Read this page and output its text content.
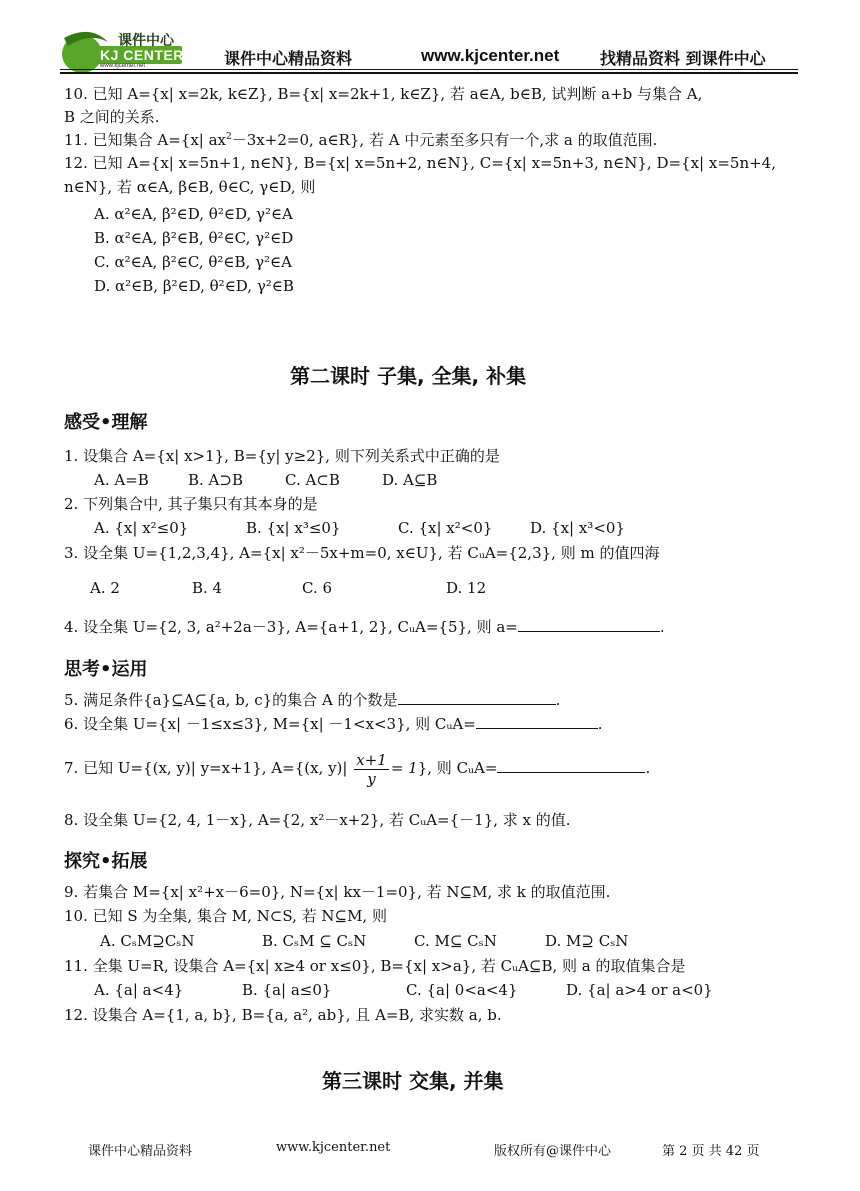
课件中心
KJ CENTER
www.kjcenter.net	课件中心精品资料	www.kjcenter.net	找精品资料 到课件中心
10. 已知 A={x| x=2k, k∈Z}, B={x| x=2k+1, k∈Z}, 若 a∈A, b∈B, 试判断 a+b 与集合 A,
B 之间的关系.
11. 已知集合 A={x| $ax^2-3x+2=0$, a∈R}, 若 A 中元素至多只有一个,求 a 的取值范围.
12. 已知 A={x| x=5n+1, n∈N}, B={x| x=5n+2, n∈N}, C={x| x=5n+3, n∈N}, D={x| x=5n+4,
n∈N}, 若 α∈A, β∈B, θ∈C, γ∈D, 则
A. α²∈A, β²∈D, θ²∈D, γ²∈A
B. α²∈A, β²∈B, θ²∈C, γ²∈D
C. α²∈A, β²∈C, θ²∈B, γ²∈A
D. α²∈B, β²∈D, θ²∈D, γ²∈B
第二课时 子集, 全集, 补集
感受•理解
1. 设集合 A={x| x>1}, B={y| y≥2}, 则下列关系式中正确的是
A. A=B	B. A⊃B	C. A⊂B	D. A⊆B
2. 下列集合中, 其子集只有其本身的是
A. {x| x²≤0}	B. {x| x³≤0}	C. {x| x²<0}	D. {x| x³<0}
3. 设全集 U={1,2,3,4}, A={x| x²－5x+m=0, x∈U}, 若 CᵤA={2,3}, 则 m 的值四海
A. 2	B. 4	C. 6	D. 12
4. 设全集 U={2, 3, a²+2a－3}, A={a+1, 2}, CᵤA={5}, 则 a=	.
思考•运用
5. 满足条件{a}⊆A⊆{a, b, c}的集合 A 的个数是	.
6. 设全集 U={x| －1≤x≤3}, M={x| －1<x<3}, 则 CᵤA=	.
7. 已知 U={(x, y)| y=x+1}, A={(x, $y)| \frac{x+1}{y} = 1$}, 则 CᵤA=	.
8. 设全集 U={2, 4, 1－x}, A={2, x²－x+2}, 若 CᵤA={－1}, 求 x 的值.
探究•拓展
9. 若集合 M={x| x²+x－6=0}, N={x| kx－1=0}, 若 N⊆M, 求 k 的取值范围.
10. 已知 S 为全集, 集合 M, N⊂S, 若 N⊆M, 则
A. CₛM⊇CₛN	B. CₛM ⊆ CₛN	C. M⊆ CₛN	D. M⊇ CₛN
11. 全集 U=R, 设集合 A={x| x≥4 or x≤0}, B={x| x>a}, 若 CᵤA⊆B, 则 a 的取值集合是
A. {a| a<4}	B. {a| a≤0}	C. {a| 0<a<4}	D. {a| a>4 or a<0}
12. 设集合 A={1, a, b}, B={a, a², ab}, 且 A=B, 求实数 a, b.
第三课时 交集, 并集
课件中心精品资料	www.kjcenter.net	版权所有@课件中心	第 2 页 共 42 页
